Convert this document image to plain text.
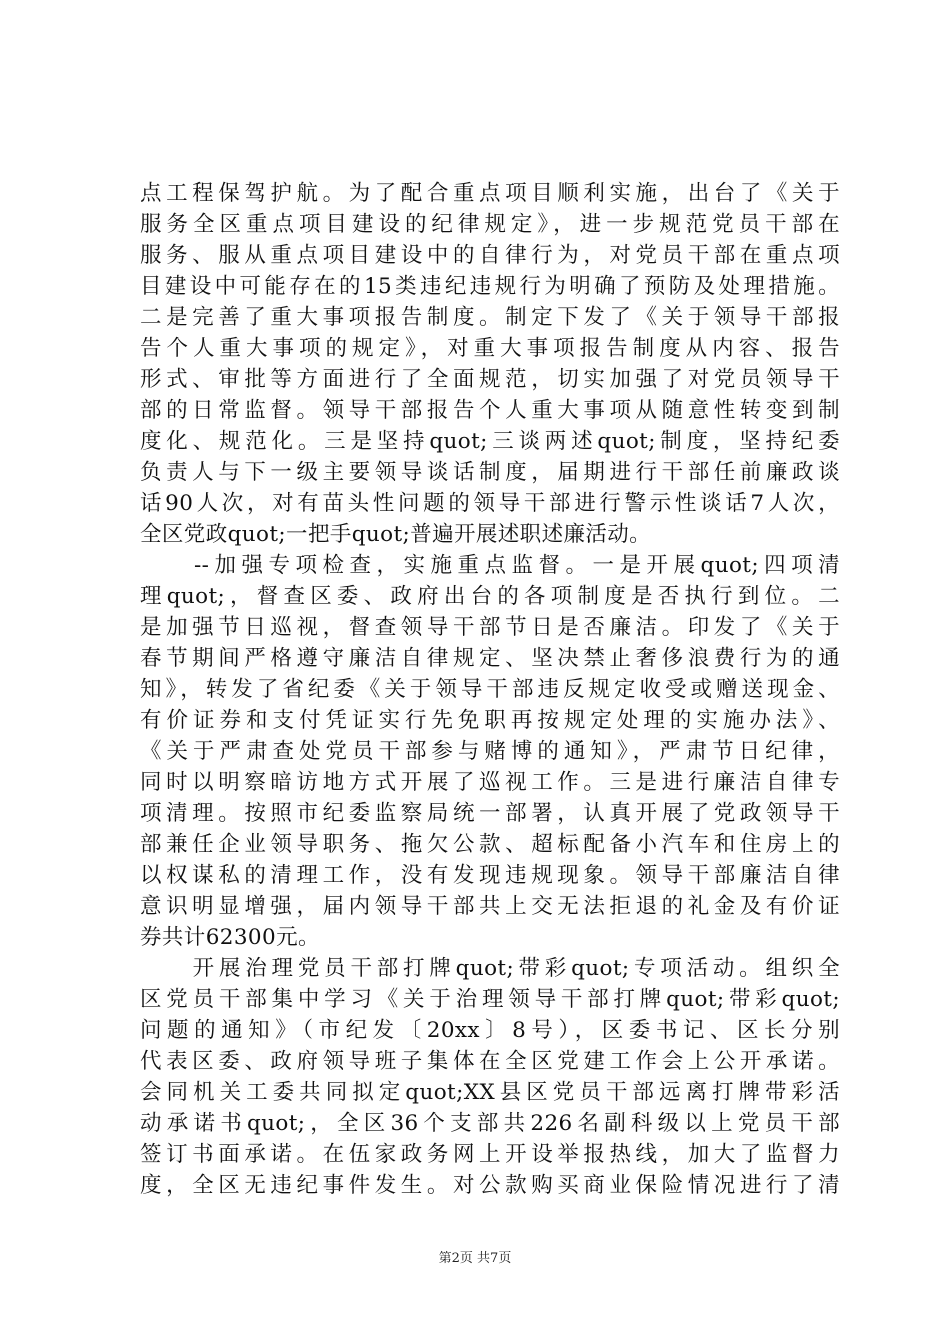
点工程保驾护航。为了配合重点项目顺利实施，出台了《关于
服务全区重点项目建设的纪律规定》，进一步规范党员干部在
服务、服从重点项目建设中的自律行为，对党员干部在重点项
目建设中可能存在的15类违纪违规行为明确了预防及处理措施。
二是完善了重大事项报告制度。制定下发了《关于领导干部报
告个人重大事项的规定》，对重大事项报告制度从内容、报告
形式、审批等方面进行了全面规范，切实加强了对党员领导干
部的日常监督。领导干部报告个人重大事项从随意性转变到制
度化、规范化。三是坚持quot;三谈两述quot;制度，坚持纪委
负责人与下一级主要领导谈话制度，届期进行干部任前廉政谈
话90人次，对有苗头性问题的领导干部进行警示性谈话7人次，
全区党政quot;一把手quot;普遍开展述职述廉活动。
　　--加强专项检查，实施重点监督。一是开展quot;四项清
理quot;，督查区委、政府出台的各项制度是否执行到位。二
是加强节日巡视，督查领导干部节日是否廉洁。印发了《关于
春节期间严格遵守廉洁自律规定、坚决禁止奢侈浪费行为的通
知》，转发了省纪委《关于领导干部违反规定收受或赠送现金、
有价证券和支付凭证实行先免职再按规定处理的实施办法》、
《关于严肃查处党员干部参与赌博的通知》，严肃节日纪律，
同时以明察暗访地方式开展了巡视工作。三是进行廉洁自律专
项清理。按照市纪委监察局统一部署，认真开展了党政领导干
部兼任企业领导职务、拖欠公款、超标配备小汽车和住房上的
以权谋私的清理工作，没有发现违规现象。领导干部廉洁自律
意识明显增强，届内领导干部共上交无法拒退的礼金及有价证
券共计62300元。
　　开展治理党员干部打牌quot;带彩quot;专项活动。组织全
区党员干部集中学习《关于治理领导干部打牌quot;带彩quot;
问题的通知》（市纪发〔20xx〕8号），区委书记、区长分别
代表区委、政府领导班子集体在全区党建工作会上公开承诺。
会同机关工委共同拟定quot;XX县区党员干部远离打牌带彩活
动承诺书quot;，全区36个支部共226名副科级以上党员干部
签订书面承诺。在伍家政务网上开设举报热线，加大了监督力
度，全区无违纪事件发生。对公款购买商业保险情况进行了清
第2页 共7页
